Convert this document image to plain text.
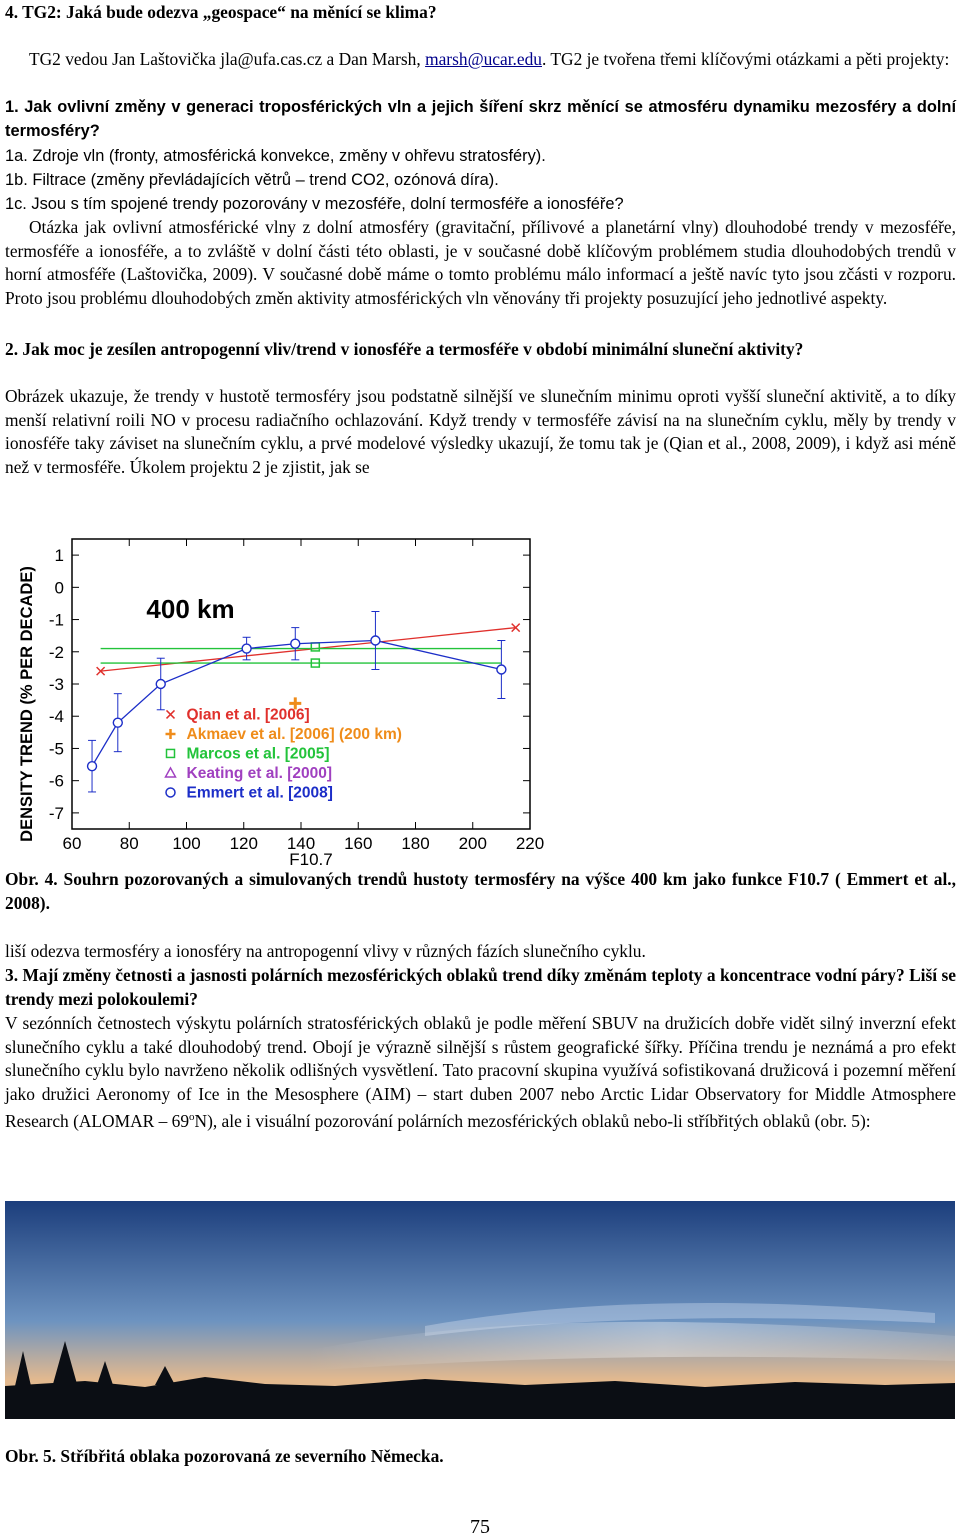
4. TG2: Jaká bude odezva „geospace“ na měnící se klima?

TG2 vedou Jan Laštovička jla@ufa.cas.cz a Dan Marsh, marsh@ucar.edu. TG2 je tvořena třemi klíčovými otázkami a pěti projekty:

1. Jak ovlivní změny v generaci troposférických vln a jejich šíření skrz měnící se atmosféru dynamiku mezosféry a dolní termosféry?

1a. Zdroje vln (fronty, atmosférická konvekce, změny v ohřevu stratosféry).
1b. Filtrace (změny převládajících větrů – trend CO2, ozónová díra).
1c. Jsou s tím spojené trendy pozorovány v mezosféře, dolní termosféře a ionosféře?

Otázka jak ovlivní atmosférické vlny z dolní atmosféry (gravitační, přílivové a planetární vlny) dlouhodobé trendy v mezosféře, termosféře a ionosféře, a to zvláště v dolní části této oblasti, je v současné době klíčovým problémem studia dlouhodobých trendů v horní atmosféře (Laštovička, 2009). V současné době máme o tomto problému málo informací a ještě navíc tyto jsou zčásti v rozporu. Proto jsou problému dlouhodobých změn aktivity atmosférických vln věnovány tři projekty posuzující jeho jednotlivé aspekty.

2. Jak moc je zesílen antropogenní vliv/trend v ionosféře a termosféře v období minimální sluneční aktivity?

Obrázek ukazuje, že trendy v hustotě termosféry jsou podstatně silnější ve slunečním minimu oproti vyšší sluneční aktivitě, a to díky menší relativní roili NO v procesu radiačního ochlazování. Když trendy v termosféře závisí na na slunečním cyklu, měly by trendy v ionosféře taky záviset na slunečním cyklu, a prvé modelové výsledky ukazují, že tomu tak je (Qian et al., 2008, 2009), i když asi méně než v termosféře. Úkolem projektu 2 je zjistit, jak se

60 80 100 120 140 160 180 200 220
1
0
-1
-2
-3
-4
-5
-6
-7
F10.7
DENSITY TREND (% PER DECADE)	400 km
Qian et al. [2006]
Akmaev et al. [2006] (200 km)
Marcos et al. [2005]
Keating et al. [2000]
Emmert et al. [2008]

Obr. 4. Souhrn pozorovaných a simulovaných trendů hustoty termosféry na výšce 400 km jako funkce F10.7 ( Emmert et al., 2008).

liší odezva termosféry a ionosféry na antropogenní vlivy v různých fázích slunečního cyklu.

3. Mají změny četnosti a jasnosti polárních mezosférických oblaků trend díky změnám teploty a koncentrace vodní páry? Liší se trendy mezi polokoulemi?

V sezónních četnostech výskytu polárních stratosférických oblaků je podle měření SBUV na družicích dobře vidět silný inverzní efekt slunečního cyklu a také dlouhodobý trend. Obojí je výrazně silnější s růstem geografické šířky. Příčina trendu je neznámá a pro efekt slunečního cyklu bylo navrženo několik odlišných vysvětlení. Tato pracovní skupina využívá sofistikovaná družicová i pozemní měření jako družici Aeronomy of Ice in the Mesosphere (AIM) – start duben 2007 nebo Arctic Lidar Observatory for Middle Atmosphere Research (ALOMAR – 69$^o$N), ale i visuální pozorování polárních mezosférických oblaků nebo-li stříbřitých oblaků (obr. 5):

Obr. 5. Stříbřitá oblaka pozorovaná ze severního Německa.

75
